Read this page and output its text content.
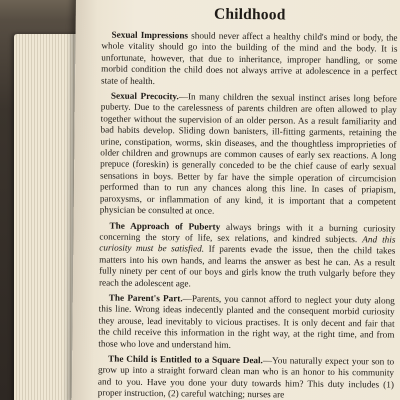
Childhood

Sexual Impressions should never affect a healthy child's mind or body, the whole vitality should go into the building of the mind and the body. It is unfortunate, however, that due to inheritance, improper handling, or some morbid condition the child does not always arrive at adolescence in a perfect state of health.

Sexual Precocity.—In many children the sexual instinct arises long before puberty. Due to the carelessness of parents children are often allowed to play together without the supervision of an older person. As a result familiarity and bad habits develop. Sliding down banisters, ill-fitting garments, retaining the urine, constipation, worms, skin diseases, and the thoughtless improprieties of older children and grownups are common causes of early sex reactions. A long prepuce (foreskin) is generally conceded to be the chief cause of early sexual sensations in boys. Better by far have the simple operation of circumcision performed than to run any chances along this line. In cases of priapism, paroxysms, or inflammation of any kind, it is important that a competent physician be consulted at once.

The Approach of Puberty always brings with it a burning curiosity concerning the story of life, sex relations, and kindred subjects. And this curiosity must be satisfied. If parents evade the issue, then the child takes matters into his own hands, and learns the answer as best he can. As a result fully ninety per cent of our boys and girls know the truth vulgarly before they reach the adolescent age.

The Parent's Part.—Parents, you cannot afford to neglect your duty along this line. Wrong ideas indecently planted and the consequent morbid curiosity they arouse, lead inevitably to vicious practises. It is only decent and fair that the child receive this information in the right way, at the right time, and from those who love and understand him.

The Child is Entitled to a Square Deal.—You naturally expect your son to grow up into a straight forward clean man who is an honor to his community and to you. Have you done your duty towards him? This duty includes (1) proper instruction, (2) careful watching; nurses are
